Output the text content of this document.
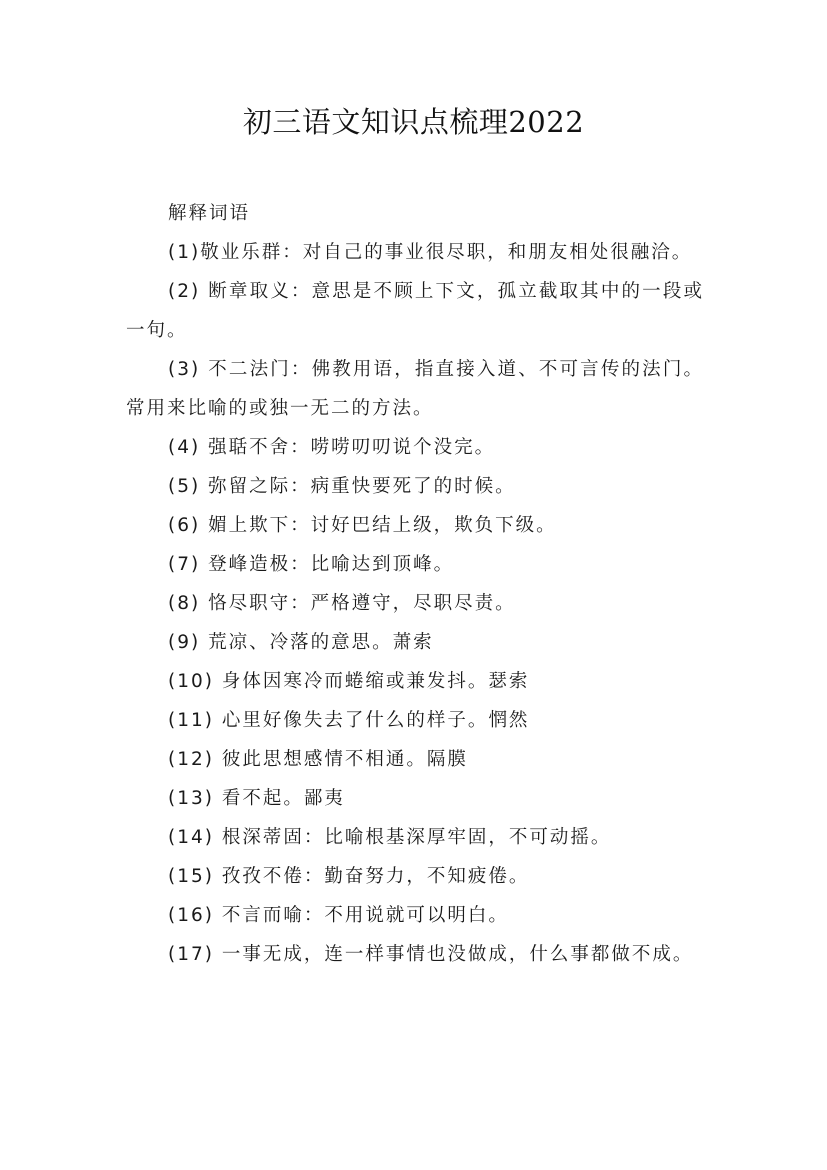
初三语文知识点梳理2022

解释词语

(1)敬业乐群：对自己的事业很尽职，和朋友相处很融洽。

(2) 断章取义：意思是不顾上下文，孤立截取其中的一段或一句。

(3) 不二法门：佛教用语，指直接入道、不可言传的法门。常用来比喻的或独一无二的方法。

(4) 强聒不舍：唠唠叨叨说个没完。

(5) 弥留之际：病重快要死了的时候。

(6) 媚上欺下：讨好巴结上级，欺负下级。

(7) 登峰造极：比喻达到顶峰。

(8) 恪尽职守：严格遵守，尽职尽责。

(9) 荒凉、冷落的意思。萧索

(10) 身体因寒冷而蜷缩或兼发抖。瑟索

(11) 心里好像失去了什么的样子。惘然

(12) 彼此思想感情不相通。隔膜

(13) 看不起。鄙夷

(14) 根深蒂固：比喻根基深厚牢固，不可动摇。

(15) 孜孜不倦：勤奋努力，不知疲倦。

(16) 不言而喻：不用说就可以明白。

(17) 一事无成，连一样事情也没做成，什么事都做不成。
